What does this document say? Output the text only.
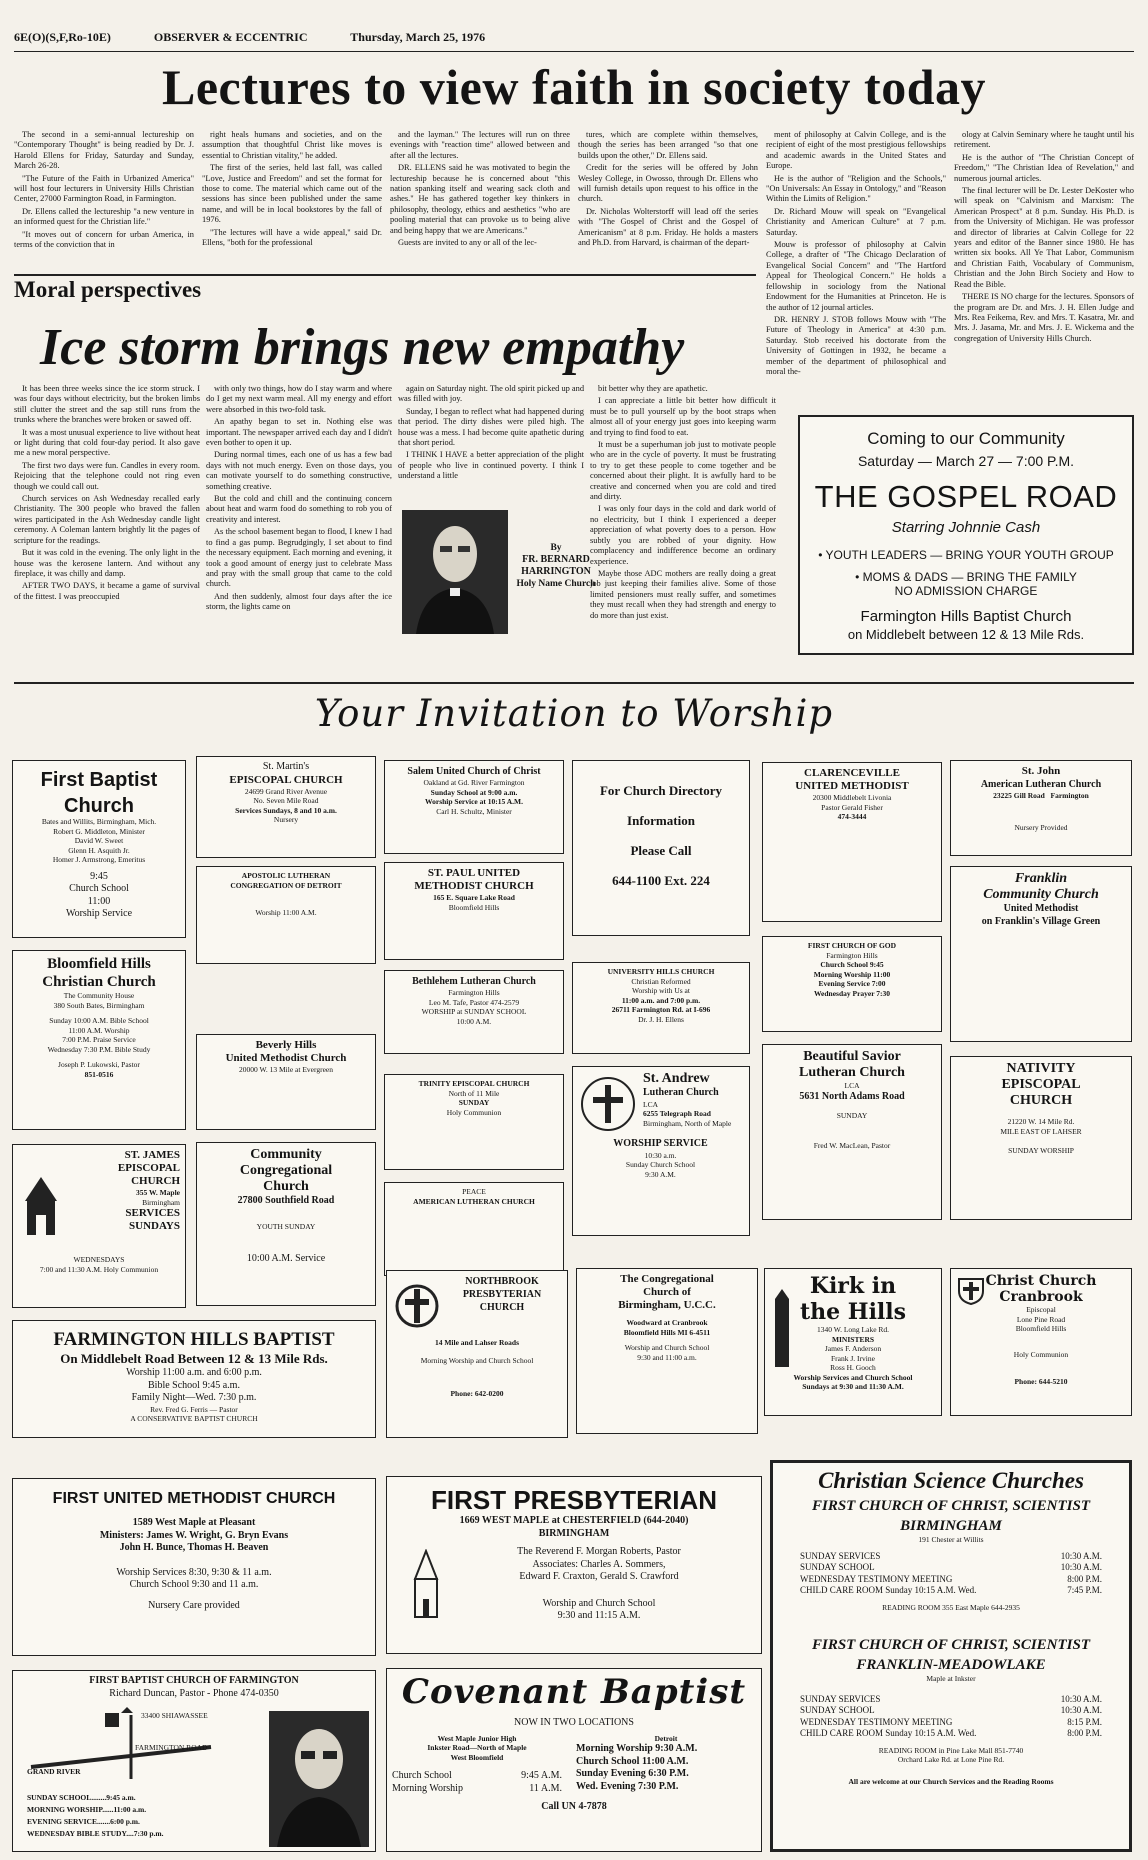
6E(O)(S,F,Ro-10E)	OBSERVER & ECCENTRIC	Thursday, March 25, 1976
Lectures to view faith in society today

The second in a semi-annual lectureship on "Contemporary Thought" is being readied by Dr. J. Harold Ellens for Friday, Saturday and Sunday, March 26-28.

"The Future of the Faith in Urbanized America" will host four lecturers in University Hills Christian Center, 27000 Farmington Road, in Farmington.

Dr. Ellens called the lectureship "a new venture in an informed quest for the Christian life."

"It moves out of concern for urban America, in terms of the conviction that in

right heals humans and societies, and on the assumption that thoughtful Christ like moves is essential to Christian vitality," he added.

The first of the series, held last fall, was called "Love, Justice and Freedom" and set the format for those to come. The material which came out of the sessions has since been published under the same name, and will be in local bookstores by the fall of 1976.

"The lectures will have a wide appeal," said Dr. Ellens, "both for the professional

and the layman." The lectures will run on three evenings with "reaction time" allowed between and after all the lectures.

DR. ELLENS said he was motivated to begin the lectureship because he is concerned about "this nation spanking itself and wearing sack cloth and ashes." He has gathered together key thinkers in philosophy, theology, ethics and aesthetics "who are pooling material that can provoke us to being alive and being happy that we are Americans."

Guests are invited to any or all of the lec-

tures, which are complete within themselves, though the series has been arranged "so that one builds upon the other," Dr. Ellens said.

Credit for the series will be offered by John Wesley College, in Owosso, through Dr. Ellens who will furnish details upon request to his office in the church.

Dr. Nicholas Wolterstorff will lead off the series with "The Gospel of Christ and the Gospel of Americanism" at 8 p.m. Friday. He holds a masters and Ph.D. from Harvard, is chairman of the depart-

ment of philosophy at Calvin College, and is the recipient of eight of the most prestigious fellowships and academic awards in the United States and Europe.

He is the author of "Religion and the Schools," "On Universals: An Essay in Ontology," and "Reason Within the Limits of Religion."

Dr. Richard Mouw will speak on "Evangelical Christianity and American Culture" at 7 p.m. Saturday.

Mouw is professor of philosophy at Calvin College, a drafter of "The Chicago Declaration of Evangelical Social Concern" and "The Hartford Appeal for Theological Concern." He holds a fellowship in sociology from the National Endowment for the Humanities at Princeton. He is the author of 12 journal articles.

DR. HENRY J. STOB follows Mouw with "The Future of Theology in America" at 4:30 p.m. Saturday. Stob received his doctorate from the University of Gottingen in 1932, he became a member of the department of philosophical and moral the-

ology at Calvin Seminary where he taught until his retirement.

He is the author of "The Christian Concept of Freedom," "The Christian Idea of Revelation," and numerous journal articles.

The final lecturer will be Dr. Lester DeKoster who will speak on "Calvinism and Marxism: The American Prospect" at 8 p.m. Sunday. His Ph.D. is from the University of Michigan. He was professor and director of libraries at Calvin College for 22 years and editor of the Banner since 1980. He has written six books. All Ye That Labor, Communism and Christian Faith, Vocabulary of Communism, Christian and the John Birch Society and How to Read the Bible.

THERE IS NO charge for the lectures. Sponsors of the program are Dr. and Mrs. J. H. Ellen Judge and Mrs. Rea Feikema, Rev. and Mrs. T. Kasatra, Mr. and Mrs. J. Jasama, Mr. and Mrs. J. E. Wickema and the congregation of University Hills Church.

Moral perspectives
Ice storm brings new empathy

It has been three weeks since the ice storm struck. I was four days without electricity, but the broken limbs still clutter the street and the sap still runs from the trunks where the branches were broken or sawed off.

It was a most unusual experience to live without heat or light during that cold four-day period. It also gave me a new moral perspective.

The first two days were fun. Candles in every room. Rejoicing that the telephone could not ring even though we could call out.

Church services on Ash Wednesday recalled early Christianity. The 300 people who braved the fallen wires participated in the Ash Wednesday candle light ceremony. A Coleman lantern brightly lit the pages of scripture for the readings.

But it was cold in the evening. The only light in the house was the kerosene lantern. And without any fireplace, it was chilly and damp.

AFTER TWO DAYS, it became a game of survival of the fittest. I was preoccupied

with only two things, how do I stay warm and where do I get my next warm meal. All my energy and effort were absorbed in this two-fold task.

An apathy began to set in. Nothing else was important. The newspaper arrived each day and I didn't even bother to open it up.

During normal times, each one of us has a few bad days with not much energy. Even on those days, you can motivate yourself to do something constructive, something creative.

But the cold and chill and the continuing concern about heat and warm food do something to rob you of creativity and interest.

As the school basement began to flood, I knew I had to find a gas pump. Begrudgingly, I set about to find the necessary equipment. Each morning and evening, it took a good amount of energy just to celebrate Mass and pray with the small group that came to the cold church.

And then suddenly, almost four days after the ice storm, the lights came on

again on Saturday night. The old spirit picked up and was filled with joy.

Sunday, I began to reflect what had happened during that period. The dirty dishes were piled high. The house was a mess. I had become quite apathetic during that short period.

I THINK I HAVE a better appreciation of the plight of people who live in continued poverty. I think I understand a little

bit better why they are apathetic.

I can appreciate a little bit better how difficult it must be to pull yourself up by the boot straps when almost all of your energy just goes into keeping warm and trying to find food to eat.

It must be a superhuman job just to motivate people who are in the cycle of poverty. It must be frustrating to try to get these people to come together and be concerned about their plight. It is awfully hard to be creative and concerned when you are cold and tired and dirty.

I was only four days in the cold and dark world of no electricity, but I think I experienced a deeper appreciation of what poverty does to a person. How subtly you are robbed of your dignity. How complacency and indifference become an ordinary experience.

Maybe those ADC mothers are really doing a great job just keeping their families alive. Some of those limited pensioners must really suffer, and sometimes they must recall when they had strength and energy to do more than just exist.

By
FR. BERNARD HARRINGTON
Holy Name Church
Coming to our Community
Saturday — March 27 — 7:00 P.M.
THE GOSPEL ROAD
Starring Johnnie Cash
• YOUTH LEADERS — BRING YOUR YOUTH GROUP
• MOMS & DADS — BRING THE FAMILY
NO ADMISSION CHARGE
Farmington Hills Baptist Church
on Middlebelt between 12 & 13 Mile Rds.
Your Invitation to Worship
First Baptist
Church
Bates and Willits, Birmingham, Mich.
Robert G. Middleton, Minister
David W. Sweet
Glenn H. Asquith Jr.
Homer J. Armstrong, Emeritus
9:45
Church School
11:00
Worship Service
St. Martin's
EPISCOPAL CHURCH
24699 Grand River Avenue
No. Seven Mile Road
Services Sundays, 8 and 10 a.m.
Nursery
Salem United Church of Christ
Oakland at Gd. River Farmington
Sunday School at 9:00 a.m.
Worship Service at 10:15 A.M.
Carl H. Schultz, Minister
For Church Directory
Information
Please Call
644-1100 Ext. 224
CLARENCEVILLE
UNITED METHODIST
20300 Middlebelt Livonia
Pastor Gerald Fisher
474-3444
St. John
American Lutheran Church
23225 Gill Road Farmington
Nursery Provided
APOSTOLIC LUTHERAN
CONGREGATION OF DETROIT
Worship 11:00 A.M.
ST. PAUL UNITED
METHODIST CHURCH
165 E. Square Lake Road
Bloomfield Hills
Franklin
Community Church
United Methodist
on Franklin's Village Green
Bloomfield Hills
Christian Church
The Community House
380 South Bates, Birmingham
Sunday 10:00 A.M. Bible School
11:00 A.M. Worship
7:00 P.M. Praise Service
Wednesday 7:30 P.M. Bible Study
Joseph P. Lukowski, Pastor
851-0516
Bethlehem Lutheran Church
Farmington Hills
Leo M. Tafe, Pastor 474-2579
WORSHIP at SUNDAY SCHOOL
10:00 A.M.
UNIVERSITY HILLS CHURCH
Christian Reformed
Worship with Us at
11:00 a.m. and 7:00 p.m.
26711 Farmington Rd. at I-696
Dr. J. H. Ellens
FIRST CHURCH OF GOD
Farmington Hills
Church School 9:45
Morning Worship 11:00
Evening Service 7:00
Wednesday Prayer 7:30
Beverly Hills
United Methodist Church
20000 W. 13 Mile at Evergreen
TRINITY EPISCOPAL CHURCH
North of 11 Mile
SUNDAY
Holy Communion
St. Andrew
Lutheran Church
LCA
6255 Telegraph Road
Birmingham, North of Maple
WORSHIP SERVICE
10:30 a.m.
Sunday Church School
9:30 A.M.
Beautiful Savior
Lutheran Church
LCA
5631 North Adams Road
SUNDAY
Fred W. MacLean, Pastor
NATIVITY
EPISCOPAL
CHURCH
21220 W. 14 Mile Rd.
MILE EAST OF LAHSER
SUNDAY WORSHIP
ST. JAMES
EPISCOPAL
CHURCH
355 W. Maple
Birmingham
SERVICES
SUNDAYS
WEDNESDAYS
7:00 and 11:30 A.M. Holy Communion
Community
Congregational
Church
27800 Southfield Road
YOUTH SUNDAY
10:00 A.M. Service
PEACE
AMERICAN LUTHERAN CHURCH
FARMINGTON HILLS BAPTIST
On Middlebelt Road Between 12 & 13 Mile Rds.
Worship 11:00 a.m. and 6:00 p.m.
Bible School 9:45 a.m.
Family Night—Wed. 7:30 p.m.
Rev. Fred G. Ferris — Pastor
A CONSERVATIVE BAPTIST CHURCH
NORTHBROOK
PRESBYTERIAN
CHURCH
14 Mile and Lahser Roads
Morning Worship and Church School
Phone: 642-0200
The Congregational
Church of
Birmingham, U.C.C.
Woodward at Cranbrook
Bloomfield Hills MI 6-4511
Worship and Church School
9:30 and 11:00 a.m.
Kirk in
the Hills
1340 W. Long Lake Rd.
MINISTERS
James F. Anderson
Frank J. Irvine
Ross H. Gooch
Worship Services and Church School
Sundays at 9:30 and 11:30 A.M.
Christ Church
Cranbrook
Episcopal
Lone Pine Road
Bloomfield Hills
Holy Communion
Phone: 644-5210
FIRST UNITED METHODIST CHURCH
1589 West Maple at Pleasant
Ministers: James W. Wright, G. Bryn Evans
John H. Bunce, Thomas H. Beaven
Worship Services 8:30, 9:30 & 11 a.m.
Church School 9:30 and 11 a.m.
Nursery Care provided
FIRST PRESBYTERIAN
1669 WEST MAPLE at CHESTERFIELD (644-2040)
BIRMINGHAM
The Reverend F. Morgan Roberts, Pastor
Associates: Charles A. Sommers,
Edward F. Craxton, Gerald S. Crawford
Worship and Church School
9:30 and 11:15 A.M.
Christian Science Churches
FIRST CHURCH OF CHRIST, SCIENTIST
BIRMINGHAM
191 Chester at Willits
SUNDAY SERVICES	10:30 A.M.
SUNDAY SCHOOL	10:30 A.M.
WEDNESDAY TESTIMONY MEETING	8:00 P.M.
CHILD CARE ROOM Sunday 10:15 A.M. Wed.	7:45 P.M.
READING ROOM 355 East Maple 644-2935
FIRST CHURCH OF CHRIST, SCIENTIST
FRANKLIN-MEADOWLAKE
Maple at Inkster
SUNDAY SERVICES	10:30 A.M.
SUNDAY SCHOOL	10:30 A.M.
WEDNESDAY TESTIMONY MEETING	8:15 P.M.
CHILD CARE ROOM Sunday 10:15 A.M. Wed.	8:00 P.M.
READING ROOM in Pine Lake Mall 851-7740
Orchard Lake Rd. at Lone Pine Rd.
All are welcome at our Church Services and the Reading Rooms
FIRST BAPTIST CHURCH OF FARMINGTON
Richard Duncan, Pastor - Phone 474-0350
33400 SHIAWASSEE
GRAND RIVER
FARMINGTON ROAD
SUNDAY SCHOOL........9:45 a.m.
MORNING WORSHIP......11:00 a.m.
EVENING SERVICE.......6:00 p.m.
WEDNESDAY BIBLE STUDY....7:30 p.m.
Covenant Baptist
NOW IN TWO LOCATIONS
West Maple Junior High
Inkster Road—North of Maple
West Bloomfield
Church School	9:45 A.M.
Morning Worship	11 A.M.
Detroit
Morning Worship 9:30 A.M.
Church School 11:00 A.M.
Sunday Evening 6:30 P.M.
Wed. Evening 7:30 P.M.
Call UN 4-7878
